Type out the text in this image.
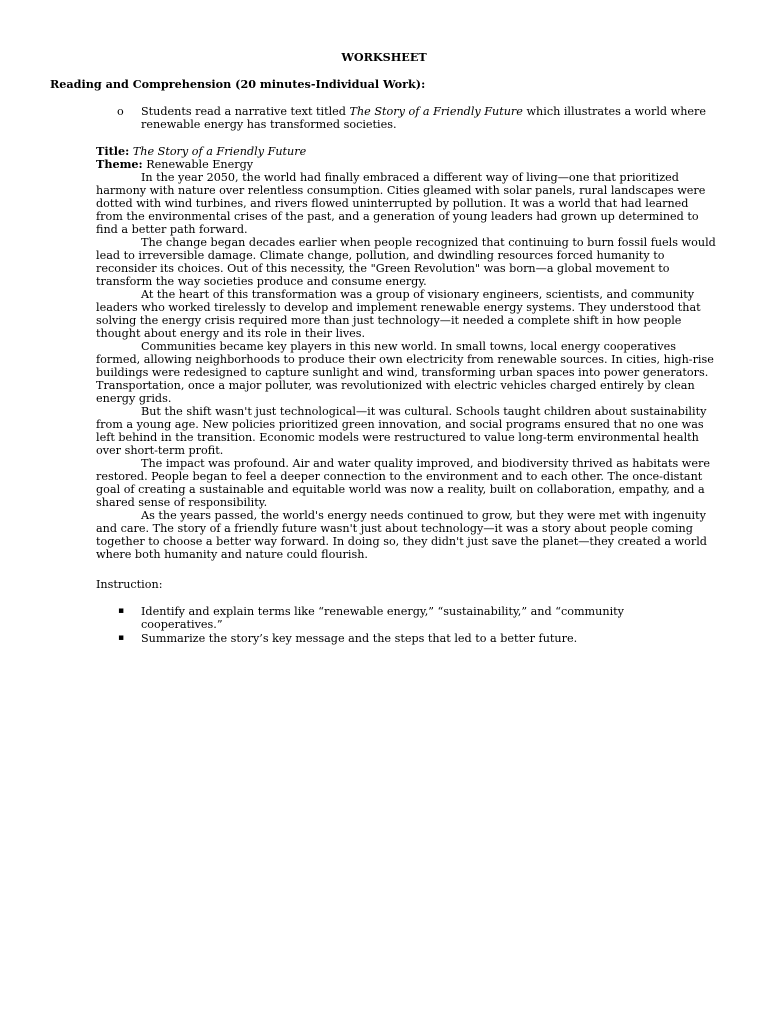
WORKSHEET
Reading and Comprehension (20 minutes-Individual Work):
o Students read a narrative text titled The Story of a Friendly Future which illustrates a world where renewable energy has transformed societies.

Title: The Story of a Friendly Future

Theme: Renewable Energy

In the year 2050, the world had finally embraced a different way of living—one that prioritized harmony with nature over relentless consumption. Cities gleamed with solar panels, rural landscapes were dotted with wind turbines, and rivers flowed uninterrupted by pollution. It was a world that had learned from the environmental crises of the past, and a generation of young leaders had grown up determined to find a better path forward.

The change began decades earlier when people recognized that continuing to burn fossil fuels would lead to irreversible damage. Climate change, pollution, and dwindling resources forced humanity to reconsider its choices. Out of this necessity, the "Green Revolution" was born—a global movement to transform the way societies produce and consume energy.

At the heart of this transformation was a group of visionary engineers, scientists, and community leaders who worked tirelessly to develop and implement renewable energy systems. They understood that solving the energy crisis required more than just technology—it needed a complete shift in how people thought about energy and its role in their lives.

Communities became key players in this new world. In small towns, local energy cooperatives formed, allowing neighborhoods to produce their own electricity from renewable sources. In cities, high-rise buildings were redesigned to capture sunlight and wind, transforming urban spaces into power generators. Transportation, once a major polluter, was revolutionized with electric vehicles charged entirely by clean energy grids.

But the shift wasn't just technological—it was cultural. Schools taught children about sustainability from a young age. New policies prioritized green innovation, and social programs ensured that no one was left behind in the transition. Economic models were restructured to value long-term environmental health over short-term profit.

The impact was profound. Air and water quality improved, and biodiversity thrived as habitats were restored. People began to feel a deeper connection to the environment and to each other. The once-distant goal of creating a sustainable and equitable world was now a reality, built on collaboration, empathy, and a shared sense of responsibility.

As the years passed, the world's energy needs continued to grow, but they were met with ingenuity and care. The story of a friendly future wasn't just about technology—it was a story about people coming together to choose a better way forward. In doing so, they didn't just save the planet—they created a world where both humanity and nature could flourish.

Instruction:
▪ Identify and explain terms like “renewable energy,” “sustainability,” and “community cooperatives.”
▪ Summarize the story’s key message and the steps that led to a better future.
